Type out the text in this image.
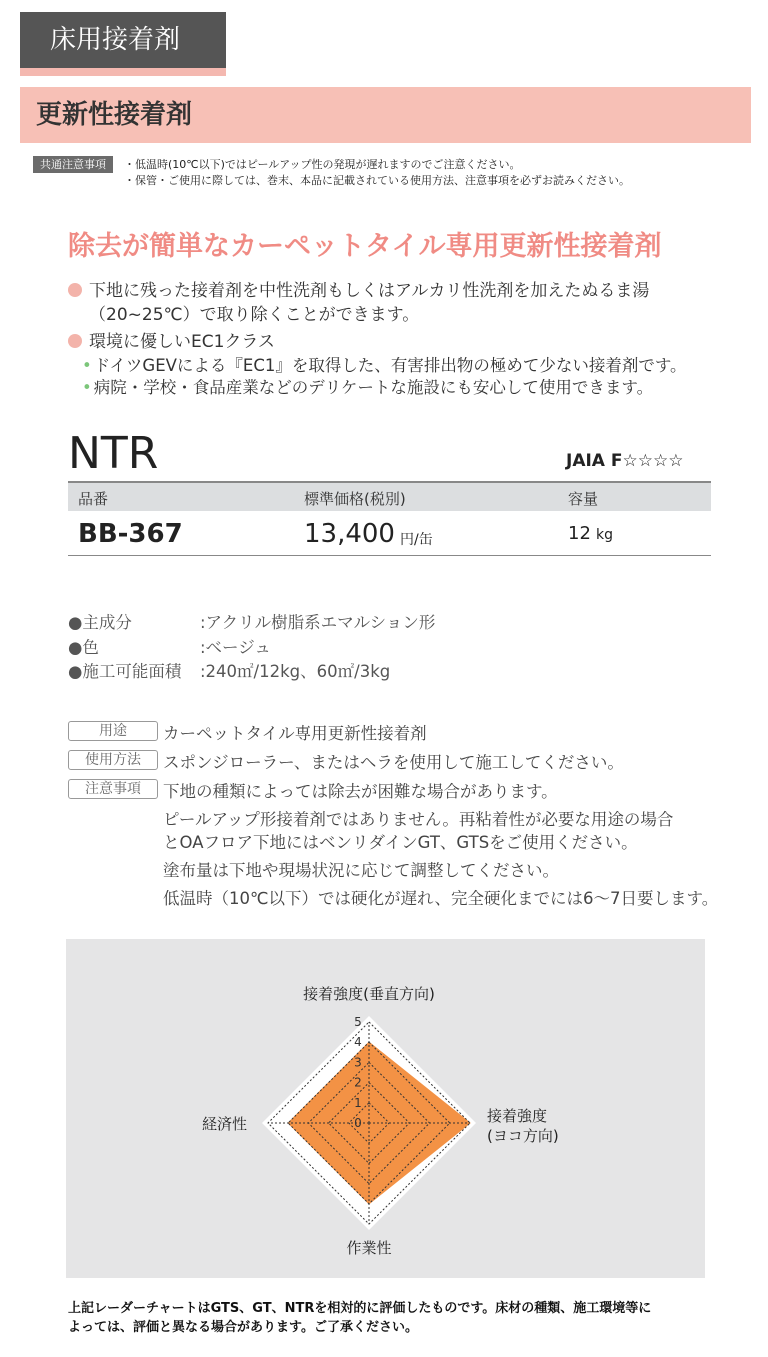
床用接着剤
更新性接着剤
共通注意事項	・低温時(10℃以下)ではピールアップ性の発現が遅れますのでご注意ください。
・保管・ご使用に際しては、巻末、本品に記載されている使用方法、注意事項を必ずお読みください。
除去が簡単なカーペットタイル専用更新性接着剤
下地に残った接着剤を中性洗剤もしくはアルカリ性洗剤を加えたぬるま湯
（20~25℃）で取り除くことができます。
環境に優しいEC1クラス
• ドイツGEVによる『EC1』を取得した、有害排出物の極めて少ない接着剤です。
• 病院・学校・食品産業などのデリケートな施設にも安心して使用できます。
NTR	JAIA F☆☆☆☆
品番	標準価格(税別)	容量
BB-367	13,400 円/缶	12 kg
●主成分	:アクリル樹脂系エマルション形
●色	:ベージュ
●施工可能面積 :240㎡/12kg、60㎡/3kg
用途	カーペットタイル専用更新性接着剤
使用方法	スポンジローラー、またはヘラを使用して施工してください。
注意事項	下地の種類によっては除去が困難な場合があります。
ピールアップ形接着剤ではありません。再粘着性が必要な用途の場合
とOAフロア下地にはベンリダインGT、GTSをご使用ください。
塗布量は下地や現場状況に応じて調整してください。
低温時（10℃以下）では硬化が遅れ、完全硬化までには6〜7日要します。
0
1
2
3
4
5
接着強度(垂直方向)
接着強度
(ヨコ方向)
作業性
経済性
上記レーダーチャートはGTS、GT、NTRを相対的に評価したものです。床材の種類、施工環境等に
よっては、評価と異なる場合があります。ご了承ください。
